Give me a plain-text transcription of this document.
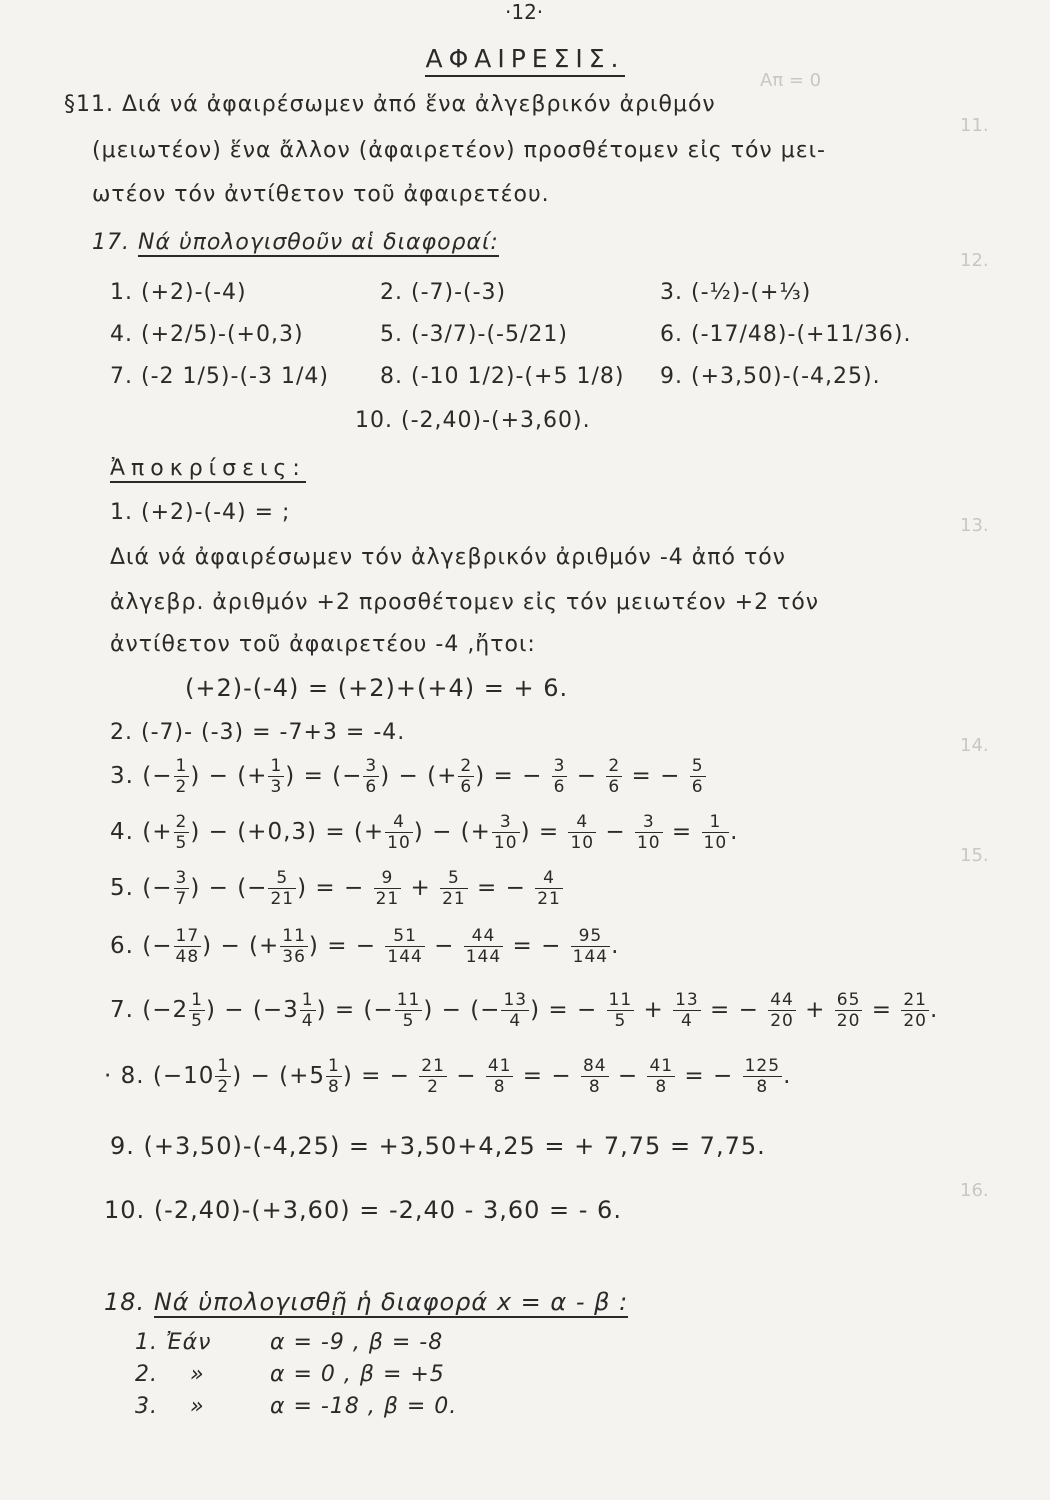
·12·
ΑΦΑΙΡΕΣΙΣ.
Απ = 0
11.
12.
13.
14.
15.
16.
§11. Διά νά ἀφαιρέσωμεν ἀπό ἕνα ἀλγεβρικόν ἀριθμόν
(μειωτέον) ἕνα ἄλλον (ἀφαιρετέον) προσθέτομεν εἰς τόν μει-
ωτέον τόν ἀντίθετον τοῦ ἀφαιρετέου.
17. Νά ὑπολογισθοῦν αἱ διαφοραί:
1. (+2)-(-4)	2. (-7)-(-3)	3. (-½)-(+⅓)
4. (+2/5)-(+0,3)	5. (-3/7)-(-5/21)	6. (-17/48)-(+11/36).
7. (-2 1/5)-(-3 1/4) 8. (-10 1/2)-(+5 1/8) 9. (+3,50)-(-4,25).
10. (-2,40)-(+3,60).
Ἀποκρίσεις:
1. (+2)-(-4) = ;
Διά νά ἀφαιρέσωμεν τόν ἀλγεβρικόν ἀριθμόν -4 ἀπό τόν
ἀλγεβρ. ἀριθμόν +2 προσθέτομεν εἰς τόν μειωτέον +2 τόν
ἀντίθετον τοῦ ἀφαιρετέου -4 ,ἤτοι:
(+2)-(-4) = (+2)+(+4) = + 6.
2. (-7)- (-3) = -7+3 = -4.
3. (− $\frac{1}{2}$ ) − (+ $\frac{1}{3}$ ) = (− $\frac{3}{6}$ ) − (+ $\frac{2}{6}$ ) = − $\frac{3}{6} - \frac{2}{6}$ = − $\frac{5}{6}$
4. (+ $\frac{2}{5}$ ) − (+0,3) = (+ $\frac{4}{10}$ ) − (+ $\frac{3}{10}$ ) = $\frac{4}{10} - \frac{3}{10} = \frac{1}{10}$ .
5. (− $\frac{3}{7}$ ) − (− $\frac{5}{21}$ ) = − $\frac{9}{21} + \frac{5}{21}$ = − $\frac{4}{21}$
6. (− $\frac{17}{48}$ ) − (+ $\frac{11}{36}$ ) = − $\frac{51}{144} - \frac{44}{144}$ = − $\frac{95}{144}$ .
7. ($-2 \frac{1}{5}$ ) − ($-3 \frac{1}{4}$ ) = (− $\frac{11}{5}$ ) − (− $\frac{13}{4}$ ) = − $\frac{11}{5} + \frac{13}{4}$ = − $\frac{44}{20} + \frac{65}{20} = \frac{21}{20}$ .
· 8. ($-10 \frac{1}{2}$ ) − ($+5 \frac{1}{8}$ ) = − $\frac{21}{2} - \frac{41}{8}$ = − $\frac{84}{8} - \frac{41}{8}$ = − $\frac{125}{8}$ .
9. (+3,50)-(-4,25) = +3,50+4,25 = + 7,75 = 7,75.
10. (-2,40)-(+3,60) = -2,40 - 3,60 = - 6.
18. Νά ὑπολογισθῇ ἡ διαφορά x = α - β :
1. Ἐάν	α = -9 , β = -8
2. »	α = 0 , β = +5
3. »	α = -18 , β = 0.
